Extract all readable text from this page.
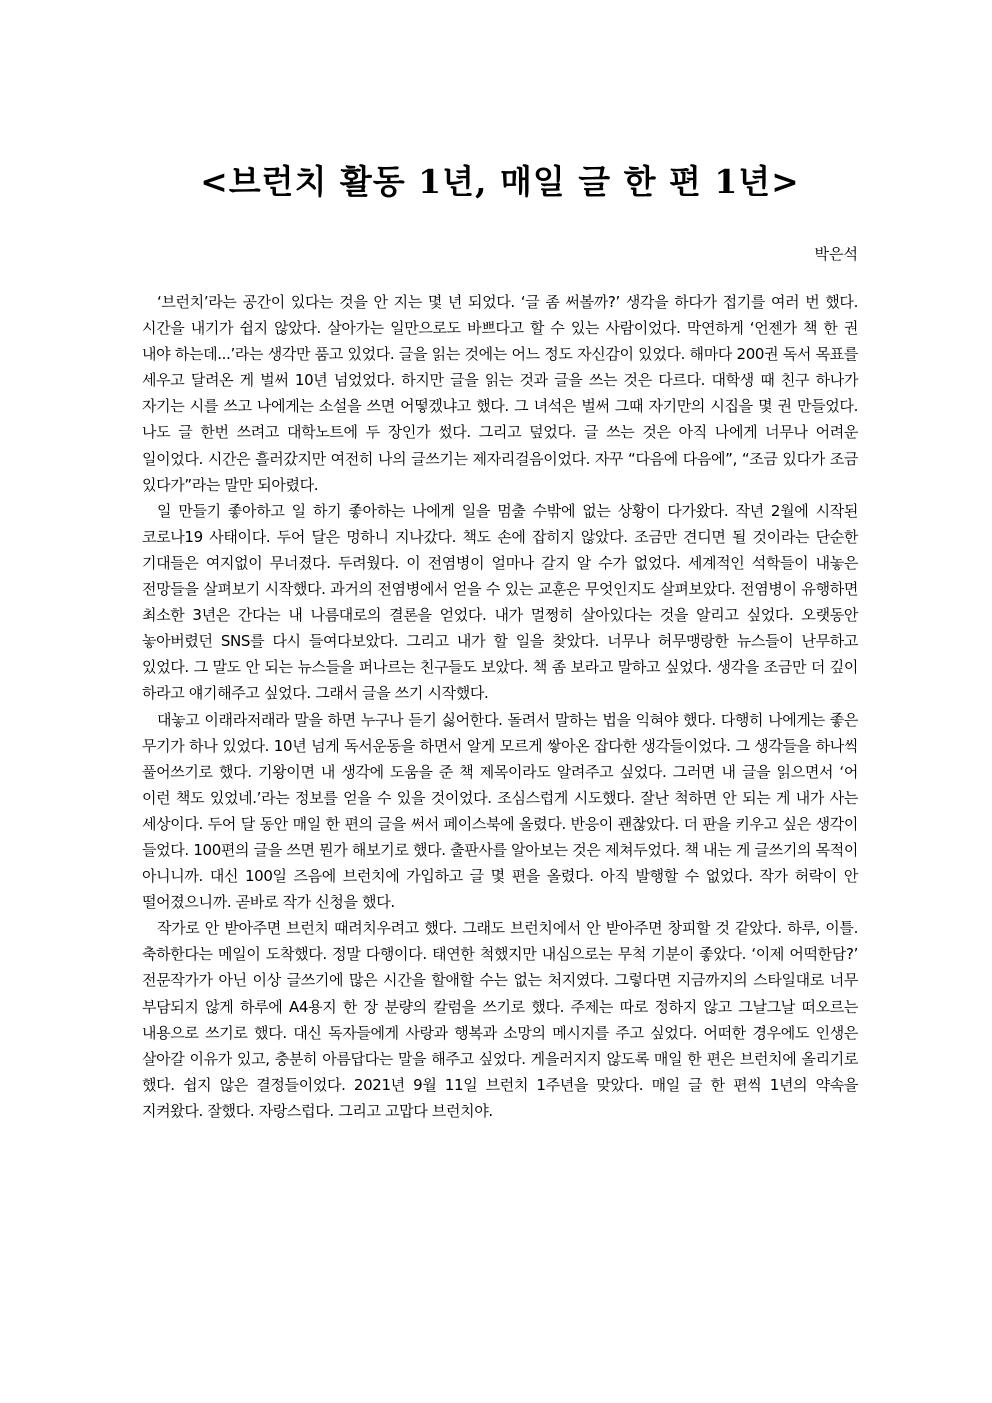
<브런치 활동 1년, 매일 글 한 편 1년>

박은석

‘브런치’라는 공간이 있다는 것을 안 지는 몇 년 되었다. ‘글 좀 써볼까?’ 생각을 하다가 접기를 여러 번 했다. 시간을 내기가 쉽지 않았다. 살아가는 일만으로도 바쁘다고 할 수 있는 사람이었다. 막연하게 ‘언젠가 책 한 권 내야 하는데...’라는 생각만 품고 있었다. 글을 읽는 것에는 어느 정도 자신감이 있었다. 해마다 200권 독서 목표를 세우고 달려온 게 벌써 10년 넘었었다. 하지만 글을 읽는 것과 글을 쓰는 것은 다르다. 대학생 때 친구 하나가 자기는 시를 쓰고 나에게는 소설을 쓰면 어떻겠냐고 했다. 그 녀석은 벌써 그때 자기만의 시집을 몇 권 만들었다. 나도 글 한번 쓰려고 대학노트에 두 장인가 썼다. 그리고 덮었다. 글 쓰는 것은 아직 나에게 너무나 어려운 일이었다. 시간은 흘러갔지만 여전히 나의 글쓰기는 제자리걸음이었다. 자꾸 “다음에 다음에”, “조금 있다가 조금 있다가”라는 말만 되아렸다.

일 만들기 좋아하고 일 하기 좋아하는 나에게 일을 멈출 수밖에 없는 상황이 다가왔다. 작년 2월에 시작된 코로나19 사태이다. 두어 달은 멍하니 지나갔다. 책도 손에 잡히지 않았다. 조금만 견디면 될 것이라는 단순한 기대들은 여지없이 무너졌다. 두려웠다. 이 전염병이 얼마나 갈지 알 수가 없었다. 세계적인 석학들이 내놓은 전망들을 살펴보기 시작했다. 과거의 전염병에서 얻을 수 있는 교훈은 무엇인지도 살펴보았다. 전염병이 유행하면 최소한 3년은 간다는 내 나름대로의 결론을 얻었다. 내가 멀쩡히 살아있다는 것을 알리고 싶었다. 오랫동안 놓아버렸던 SNS를 다시 들여다보았다. 그리고 내가 할 일을 찾았다. 너무나 허무맹랑한 뉴스들이 난무하고 있었다. 그 말도 안 되는 뉴스들을 퍼나르는 친구들도 보았다. 책 좀 보라고 말하고 싶었다. 생각을 조금만 더 깊이 하라고 얘기해주고 싶었다. 그래서 글을 쓰기 시작했다.

대놓고 이래라저래라 말을 하면 누구나 듣기 싫어한다. 돌려서 말하는 법을 익혀야 했다. 다행히 나에게는 좋은 무기가 하나 있었다. 10년 넘게 독서운동을 하면서 알게 모르게 쌓아온 잡다한 생각들이었다. 그 생각들을 하나씩 풀어쓰기로 했다. 기왕이면 내 생각에 도움을 준 책 제목이라도 알려주고 싶었다. 그러면 내 글을 읽으면서 ‘어 이런 책도 있었네.’라는 정보를 얻을 수 있을 것이었다. 조심스럽게 시도했다. 잘난 척하면 안 되는 게 내가 사는 세상이다. 두어 달 동안 매일 한 편의 글을 써서 페이스북에 올렸다. 반응이 괜찮았다. 더 판을 키우고 싶은 생각이 들었다. 100편의 글을 쓰면 뭔가 해보기로 했다. 출판사를 알아보는 것은 제쳐두었다. 책 내는 게 글쓰기의 목적이 아니니까. 대신 100일 즈음에 브런치에 가입하고 글 몇 편을 올렸다. 아직 발행할 수 없었다. 작가 허락이 안 떨어졌으니까. 곧바로 작가 신청을 했다.

작가로 안 받아주면 브런치 때려치우려고 했다. 그래도 브런치에서 안 받아주면 창피할 것 같았다. 하루, 이틀. 축하한다는 메일이 도착했다. 정말 다행이다. 태연한 척했지만 내심으로는 무척 기분이 좋았다. ‘이제 어떡한담?’ 전문작가가 아닌 이상 글쓰기에 많은 시간을 할애할 수는 없는 처지였다. 그렇다면 지금까지의 스타일대로 너무 부담되지 않게 하루에 A4용지 한 장 분량의 칼럼을 쓰기로 했다. 주제는 따로 정하지 않고 그날그날 떠오르는 내용으로 쓰기로 했다. 대신 독자들에게 사랑과 행복과 소망의 메시지를 주고 싶었다. 어떠한 경우에도 인생은 살아갈 이유가 있고, 충분히 아름답다는 말을 해주고 싶었다. 게을러지지 않도록 매일 한 편은 브런치에 올리기로 했다. 쉽지 않은 결정들이었다. 2021년 9월 11일 브런치 1주년을 맞았다. 매일 글 한 편씩 1년의 약속을 지켜왔다. 잘했다. 자랑스럽다. 그리고 고맙다 브런치야.
